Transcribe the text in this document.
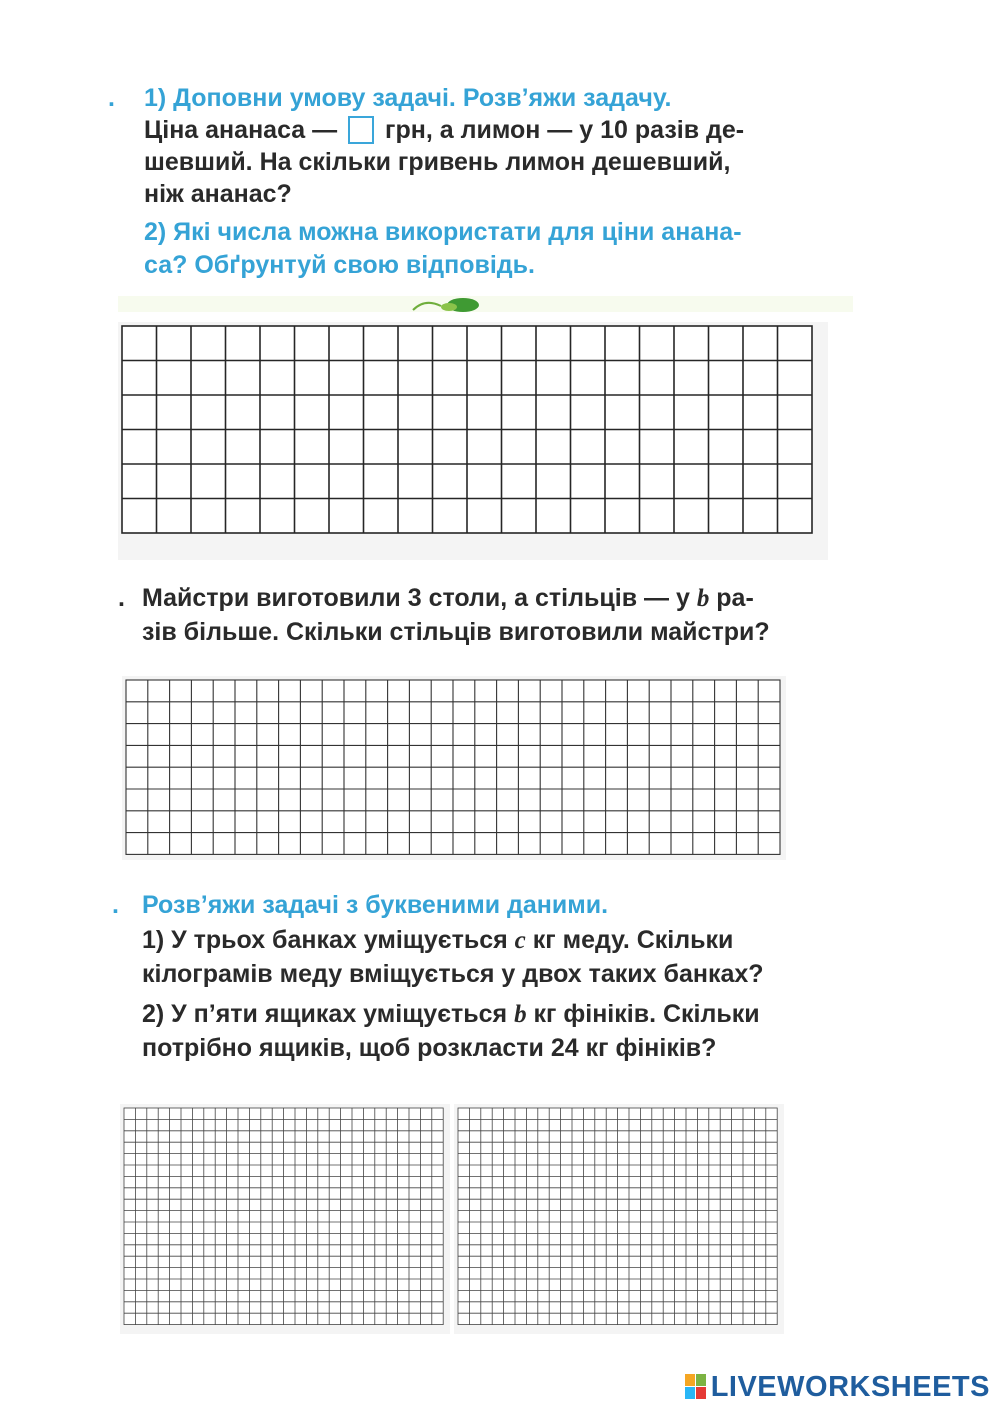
. 1) Доповни умову задачі. Розв’яжи задачу.
Ціна ананаса — грн, а лимон — у 10 разів де-
шевший. На скільки гривень лимон дешевший,
ніж ананас?
2) Які числа можна використати для ціни анана-
са? Обґрунтуй свою відповідь.
. Майстри виготовили 3 столи, а стільців — у b ра-
зів більше. Скільки стільців виготовили майстри?
. Розв’яжи задачі з буквеними даними.
1) У трьох банках уміщується c кг меду. Скільки
кілограмів меду вміщується у двох таких банках?
2) У п’яти ящиках уміщується b кг фініків. Скільки
потрібно ящиків, щоб розкласти 24 кг фініків?
LIVEWORKSHEETS
